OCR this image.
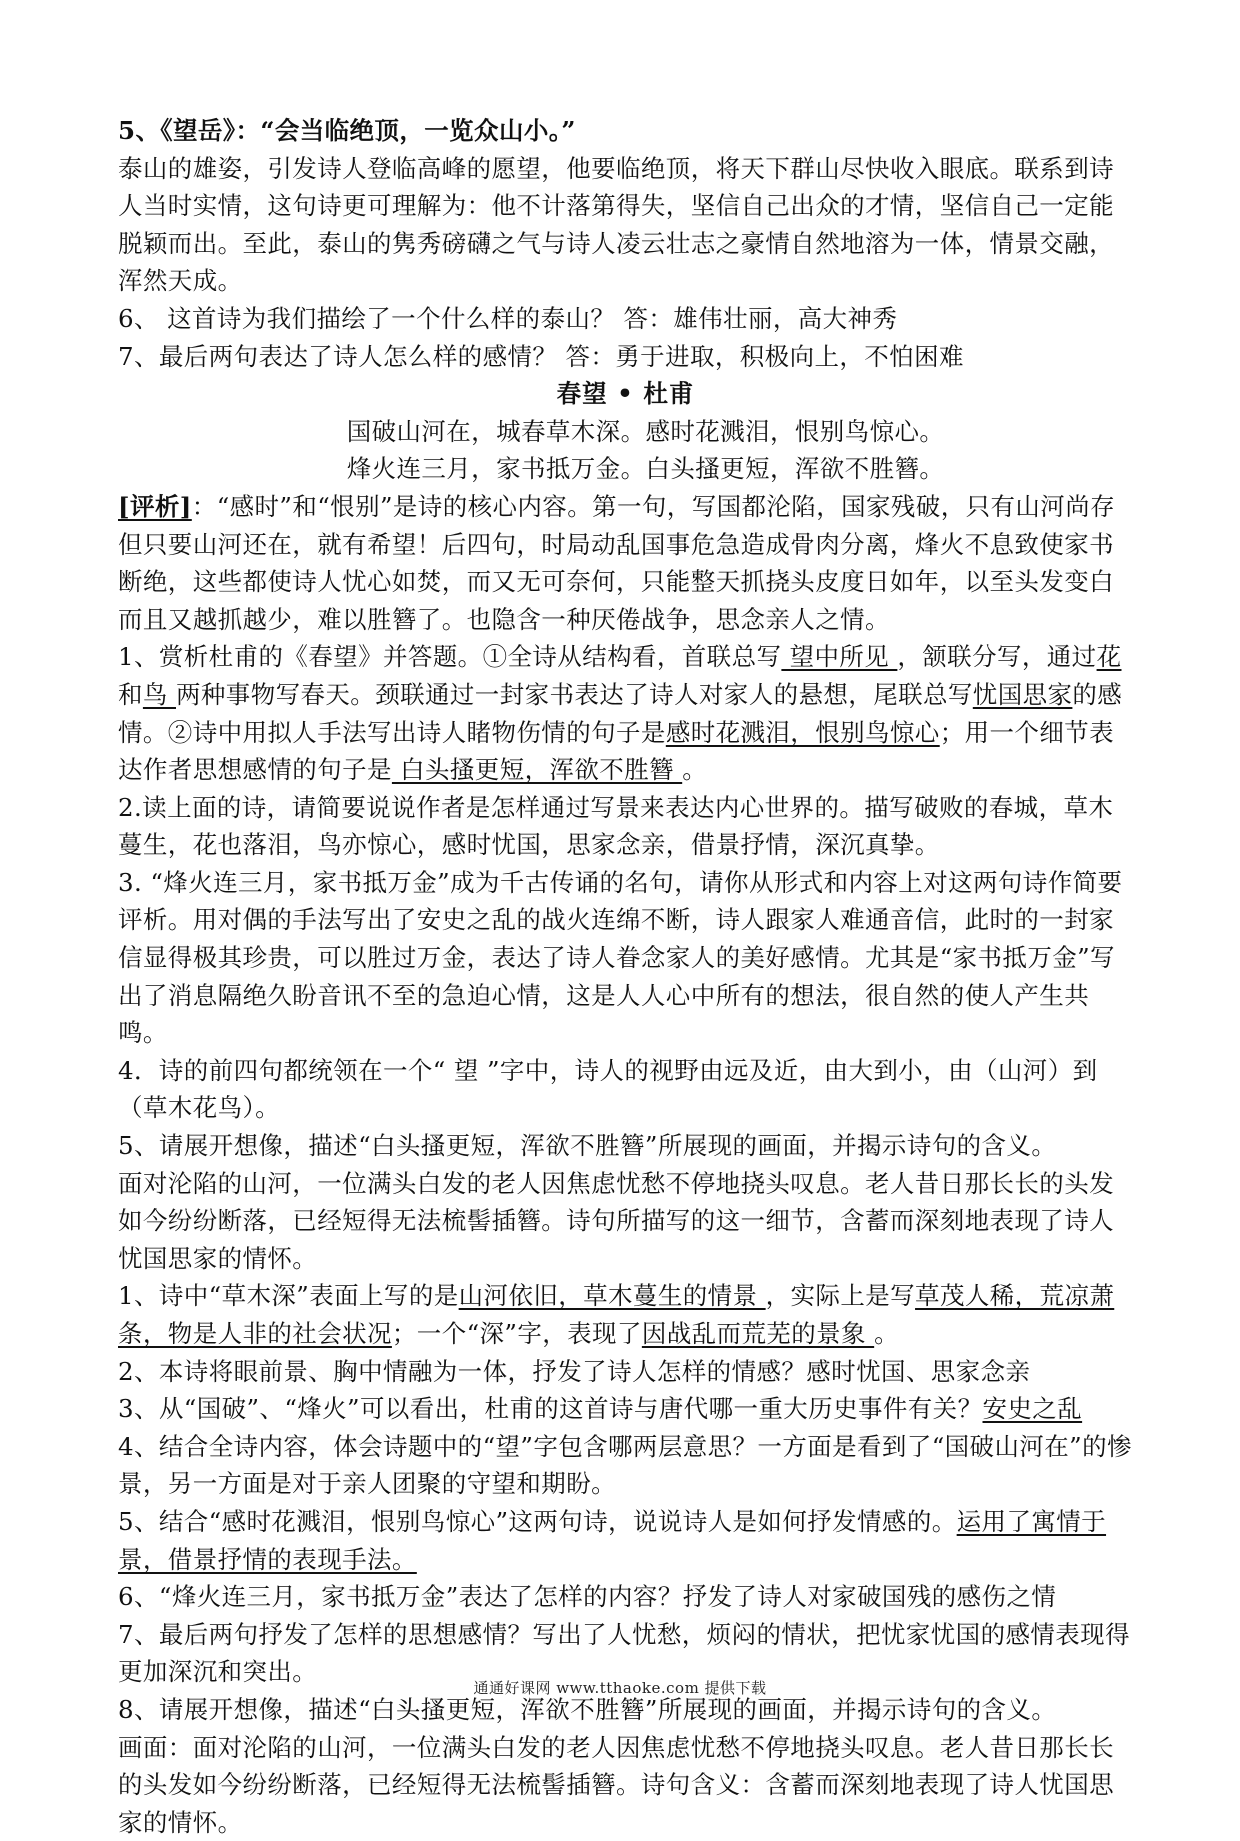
5、《望岳》：“会当临绝顶，一览众山小。”

泰山的雄姿，引发诗人登临高峰的愿望，他要临绝顶，将天下群山尽快收入眼底。联系到诗人当时实情，这句诗更可理解为：他不计落第得失，坚信自己出众的才情，坚信自己一定能脱颖而出。至此，泰山的隽秀磅礴之气与诗人凌云壮志之豪情自然地溶为一体，情景交融，浑然天成。

6、 这首诗为我们描绘了一个什么样的泰山？ 答：雄伟壮丽，高大神秀

7、最后两句表达了诗人怎么样的感情？ 答：勇于进取，积极向上，不怕困难

春望 • 杜甫

国破山河在，城春草木深。感时花溅泪，恨别鸟惊心。

烽火连三月，家书抵万金。白头搔更短，浑欲不胜簪。

[评析]：“感时”和“恨别”是诗的核心内容。第一句，写国都沦陷，国家残破，只有山河尚存但只要山河还在，就有希望！后四句，时局动乱国事危急造成骨肉分离，烽火不息致使家书断绝，这些都使诗人忧心如焚，而又无可奈何，只能整天抓挠头皮度日如年，以至头发变白而且又越抓越少，难以胜簪了。也隐含一种厌倦战争，思念亲人之情。

1、赏析杜甫的《春望》并答题。①全诗从结构看，首联总写 望中所见 ，颔联分写，通过花和鸟 两种事物写春天。颈联通过一封家书表达了诗人对家人的悬想，尾联总写忧国思家的感情。②诗中用拟人手法写出诗人睹物伤情的句子是感时花溅泪，恨别鸟惊心；用一个细节表达作者思想感情的句子是 白头搔更短，浑欲不胜簪 。

2.读上面的诗，请简要说说作者是怎样通过写景来表达内心世界的。描写破败的春城，草木蔓生，花也落泪，鸟亦惊心，感时忧国，思家念亲，借景抒情，深沉真挚。

3. “烽火连三月，家书抵万金”成为千古传诵的名句，请你从形式和内容上对这两句诗作简要评析。用对偶的手法写出了安史之乱的战火连绵不断，诗人跟家人难通音信，此时的一封家信显得极其珍贵，可以胜过万金，表达了诗人眷念家人的美好感情。尤其是“家书抵万金”写出了消息隔绝久盼音讯不至的急迫心情，这是人人心中所有的想法，很自然的使人产生共鸣。

4．诗的前四句都统领在一个“ 望 ”字中，诗人的视野由远及近，由大到小，由（山河）到（草木花鸟）。

5、请展开想像，描述“白头搔更短，浑欲不胜簪”所展现的画面，并揭示诗句的含义。

面对沦陷的山河，一位满头白发的老人因焦虑忧愁不停地挠头叹息。老人昔日那长长的头发如今纷纷断落，已经短得无法梳髻插簪。诗句所描写的这一细节，含蓄而深刻地表现了诗人忧国思家的情怀。

1、诗中“草木深”表面上写的是山河依旧，草木蔓生的情景 ，实际上是写草茂人稀，荒凉萧条，物是人非的社会状况；一个“深”字，表现了因战乱而荒芜的景象 。

2、本诗将眼前景、胸中情融为一体，抒发了诗人怎样的情感？感时忧国、思家念亲

3、从“国破”、“烽火”可以看出，杜甫的这首诗与唐代哪一重大历史事件有关？安史之乱

4、结合全诗内容，体会诗题中的“望”字包含哪两层意思？一方面是看到了“国破山河在”的惨景，另一方面是对于亲人团聚的守望和期盼。

5、结合“感时花溅泪，恨别鸟惊心”这两句诗，说说诗人是如何抒发情感的。运用了寓情于景，借景抒情的表现手法。

6、“烽火连三月，家书抵万金”表达了怎样的内容？抒发了诗人对家破国残的感伤之情

7、最后两句抒发了怎样的思想感情？写出了人忧愁，烦闷的情状，把忧家忧国的感情表现得更加深沉和突出。

8、请展开想像，描述“白头搔更短，浑欲不胜簪”所展现的画面，并揭示诗句的含义。

画面：面对沦陷的山河，一位满头白发的老人因焦虑忧愁不停地挠头叹息。老人昔日那长长的头发如今纷纷断落，已经短得无法梳髻插簪。诗句含义：含蓄而深刻地表现了诗人忧国思家的情怀。

通通好课网 www.tthaoke.com 提供下载
